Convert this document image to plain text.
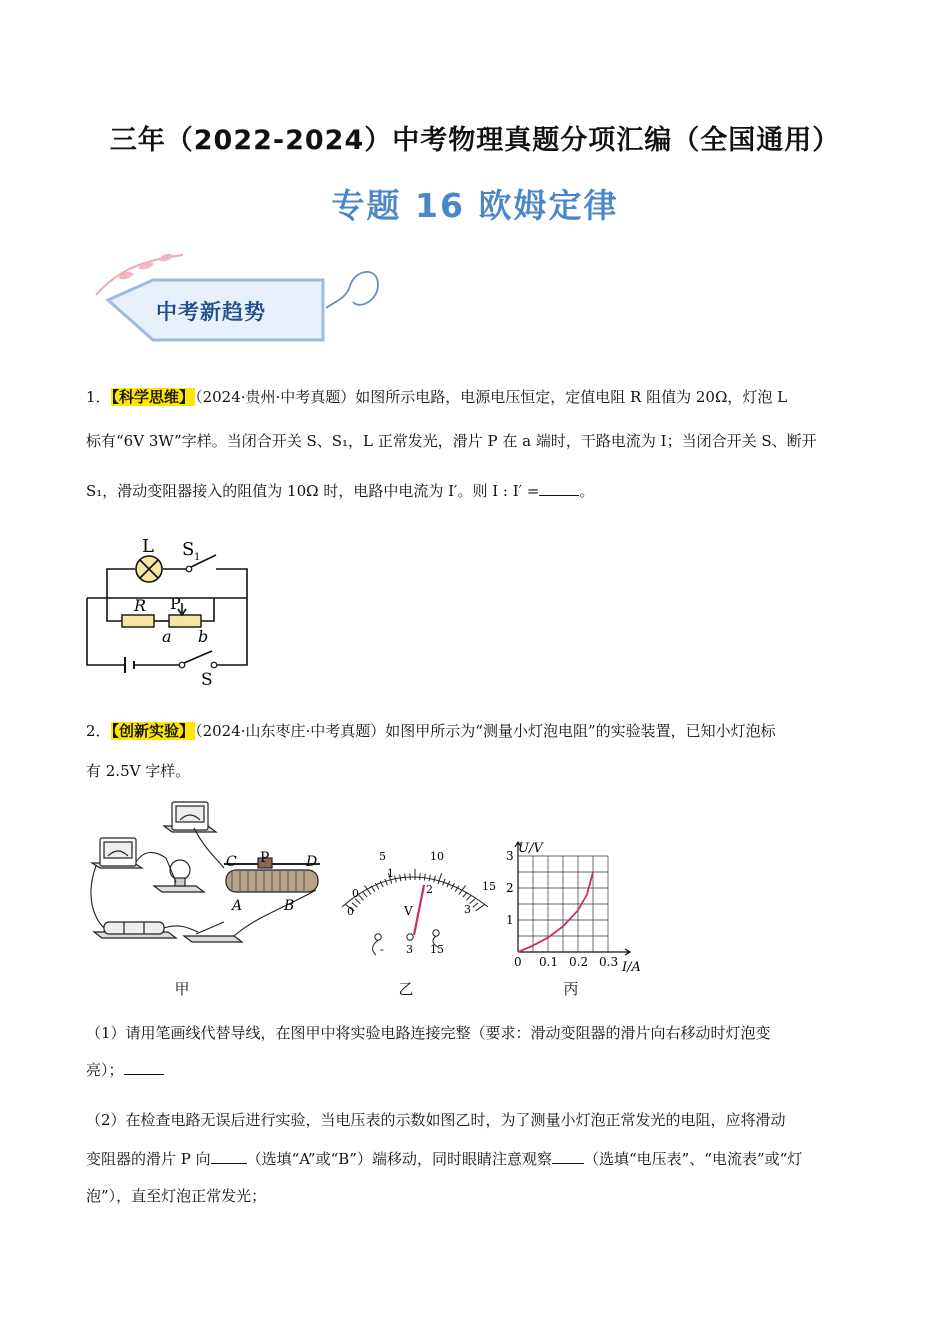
三年（2022-2024）中考物理真题分项汇编（全国通用）
专题 16 欧姆定律
中考新趋势
1．【科学思维】（2024·贵州·中考真题）如图所示电路，电源电压恒定，定值电阻 R 阻值为 20Ω，灯泡 L
标有“6V 3W”字样。当闭合开关 S、S₁，L 正常发光，滑片 P 在 a 端时，干路电流为 I；当闭合开关 S、断开
S₁，滑动变阻器接入的阻值为 10Ω 时，电路中电流为 I′。则 I : I′ =	。
L S 1
R P
a b
S
2．【创新实验】（2024·山东枣庄·中考真题）如图甲所示为“测量小灯泡电阻”的实验装置，已知小灯泡标
有 2.5V 字样。
C P	D
A	B	0
5	10
15
0
1
2
3
V
- 3 15
0 0.1 0.2 0.3
1
2
3 U/V
I/A
甲	乙	丙
（1）请用笔画线代替导线，在图甲中将实验电路连接完整（要求：滑动变阻器的滑片向右移动时灯泡变
亮）；
（2）在检查电路无误后进行实验，当电压表的示数如图乙时，为了测量小灯泡正常发光的电阻，应将滑动
变阻器的滑片 P 向 （选填“A”或“B”）端移动，同时眼睛注意观察 （选填“电压表”、“电流表”或“灯
泡”），直至灯泡正常发光；
